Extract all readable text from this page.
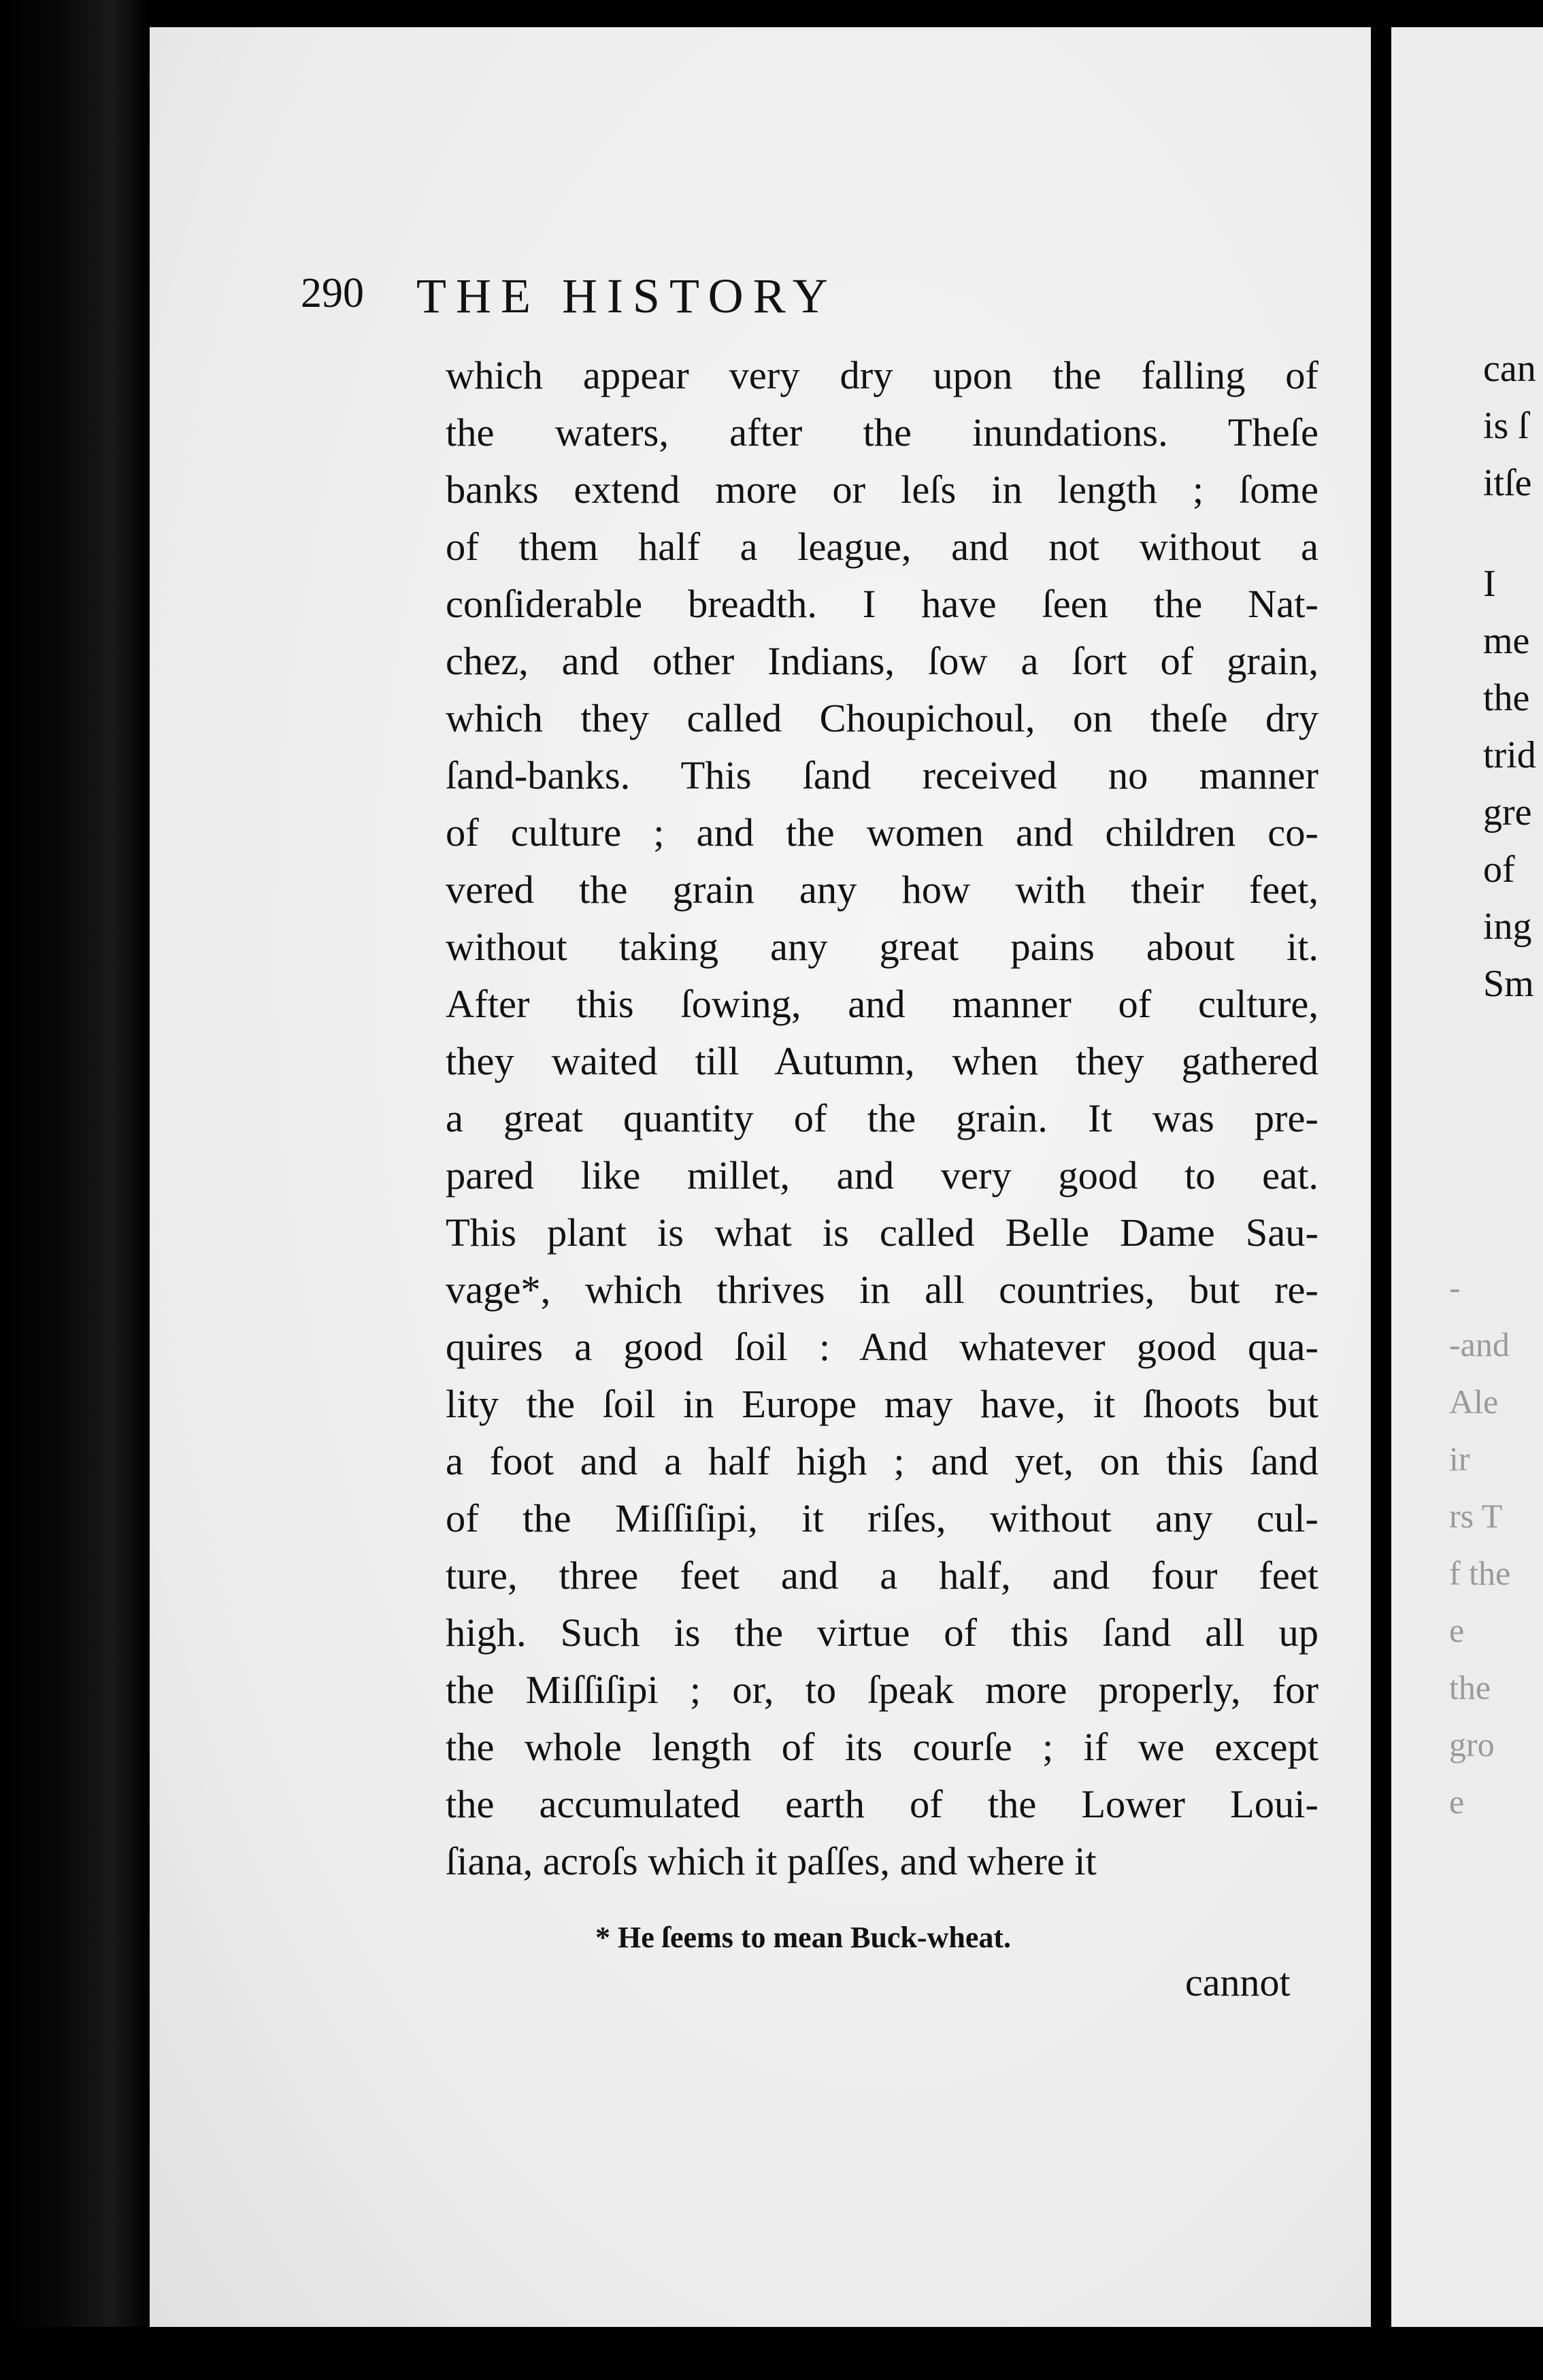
290 THE HISTORY
which appear very dry upon the falling of
the waters, after the inundations. Theſe
banks extend more or leſs in length ; ſome
of them half a league, and not without a
conſiderable breadth. I have ſeen the Nat-
chez, and other Indians, ſow a ſort of grain,
which they called Choupichoul, on theſe dry
ſand-banks. This ſand received no manner
of culture ; and the women and children co-
vered the grain any how with their feet,
without taking any great pains about it.
After this ſowing, and manner of culture,
they waited till Autumn, when they gathered
a great quantity of the grain. It was pre-
pared like millet, and very good to eat.
This plant is what is called Belle Dame Sau-
vage*, which thrives in all countries, but re-
quires a good ſoil : And whatever good qua-
lity the ſoil in Europe may have, it ſhoots but
a foot and a half high ; and yet, on this ſand
of the Miſſiſipi, it riſes, without any cul-
ture, three feet and a half, and four feet
high. Such is the virtue of this ſand all up
the Miſſiſipi ; or, to ſpeak more properly, for
the whole length of its courſe ; if we except
the accumulated earth of the Lower Loui-
ſiana, acroſs which it paſſes, and where it
* He ſeems to mean Buck-wheat.
cannot
can
is ſ
itſe
I
me
the
trid
gre
of
ing
Sm
-
-and
Ale
ir
rs T
f the
e
the
gro
e
